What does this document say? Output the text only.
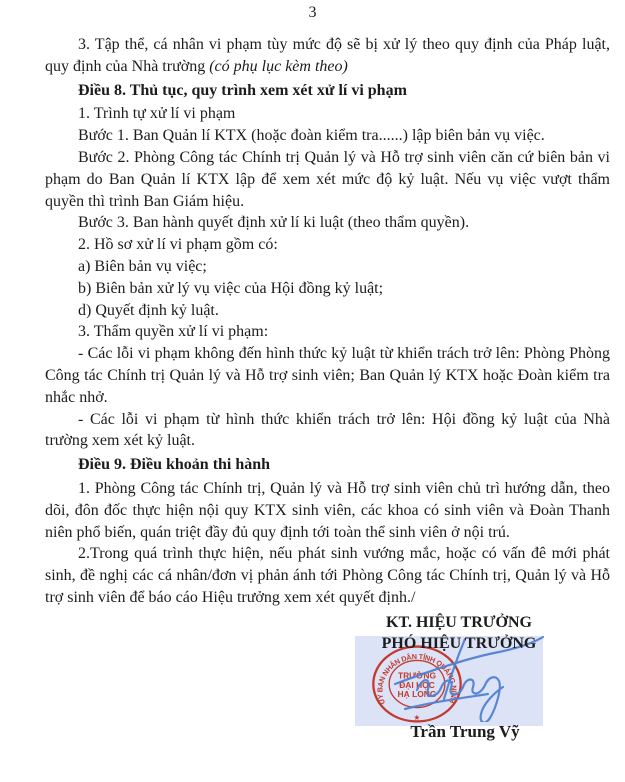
3

3. Tập thể, cá nhân vi phạm tùy mức độ sẽ bị xử lý theo quy định của Pháp luật, quy định của Nhà trường (có phụ lục kèm theo)

Điều 8. Thủ tục, quy trình xem xét xử lí vi phạm

1. Trình tự xử lí vi phạm

Bước 1. Ban Quản lí KTX (hoặc đoàn kiểm tra......) lập biên bản vụ việc.

Bước 2. Phòng Công tác Chính trị Quản lý và Hỗ trợ sinh viên căn cứ biên bản vi phạm do Ban Quản lí KTX lập để xem xét mức độ kỷ luật. Nếu vụ việc vượt thẩm quyền thì trình Ban Giám hiệu.

Bước 3. Ban hành quyết định xử lí ki luật (theo thẩm quyền).

2. Hồ sơ xử lí vi phạm gồm có:

a) Biên bản vụ việc;

b) Biên bản xử lý vụ việc của Hội đồng kỷ luật;

d) Quyết định kỷ luật.

3. Thẩm quyền xử lí vi phạm:

- Các lỗi vi phạm không đến hình thức kỷ luật từ khiển trách trở lên: Phòng Phòng Công tác Chính trị Quản lý và Hỗ trợ sinh viên; Ban Quản lý KTX hoặc Đoàn kiểm tra nhắc nhở.

- Các lỗi vi phạm từ hình thức khiển trách trở lên: Hội đồng kỷ luật của Nhà trường xem xét kỷ luật.

Điều 9. Điều khoản thi hành

1. Phòng Công tác Chính trị, Quản lý và Hỗ trợ sinh viên chủ trì hướng dẫn, theo dõi, đôn đốc thực hiện nội quy KTX sinh viên, các khoa có sinh viên và Đoàn Thanh niên phổ biến, quán triệt đầy đủ quy định tới toàn thể sinh viên ở nội trú.

2.Trong quá trình thực hiện, nếu phát sinh vướng mắc, hoặc có vấn đê mới phát sinh, đề nghị các cá nhân/đơn vị phản ánh tới Phòng Công tác Chính trị, Quản lý và Hỗ trợ sinh viên để báo cáo Hiệu trưởng xem xét quyết định./

KT. HIỆU TRƯỞNG
PHÓ HIỆU TRƯỞNG
ỦY BAN NHÂN DÂN TỈNH QUẢNG NINH
TRƯỜNG
ĐẠI HỌC
HẠ LONG
★
Trần Trung Vỹ
